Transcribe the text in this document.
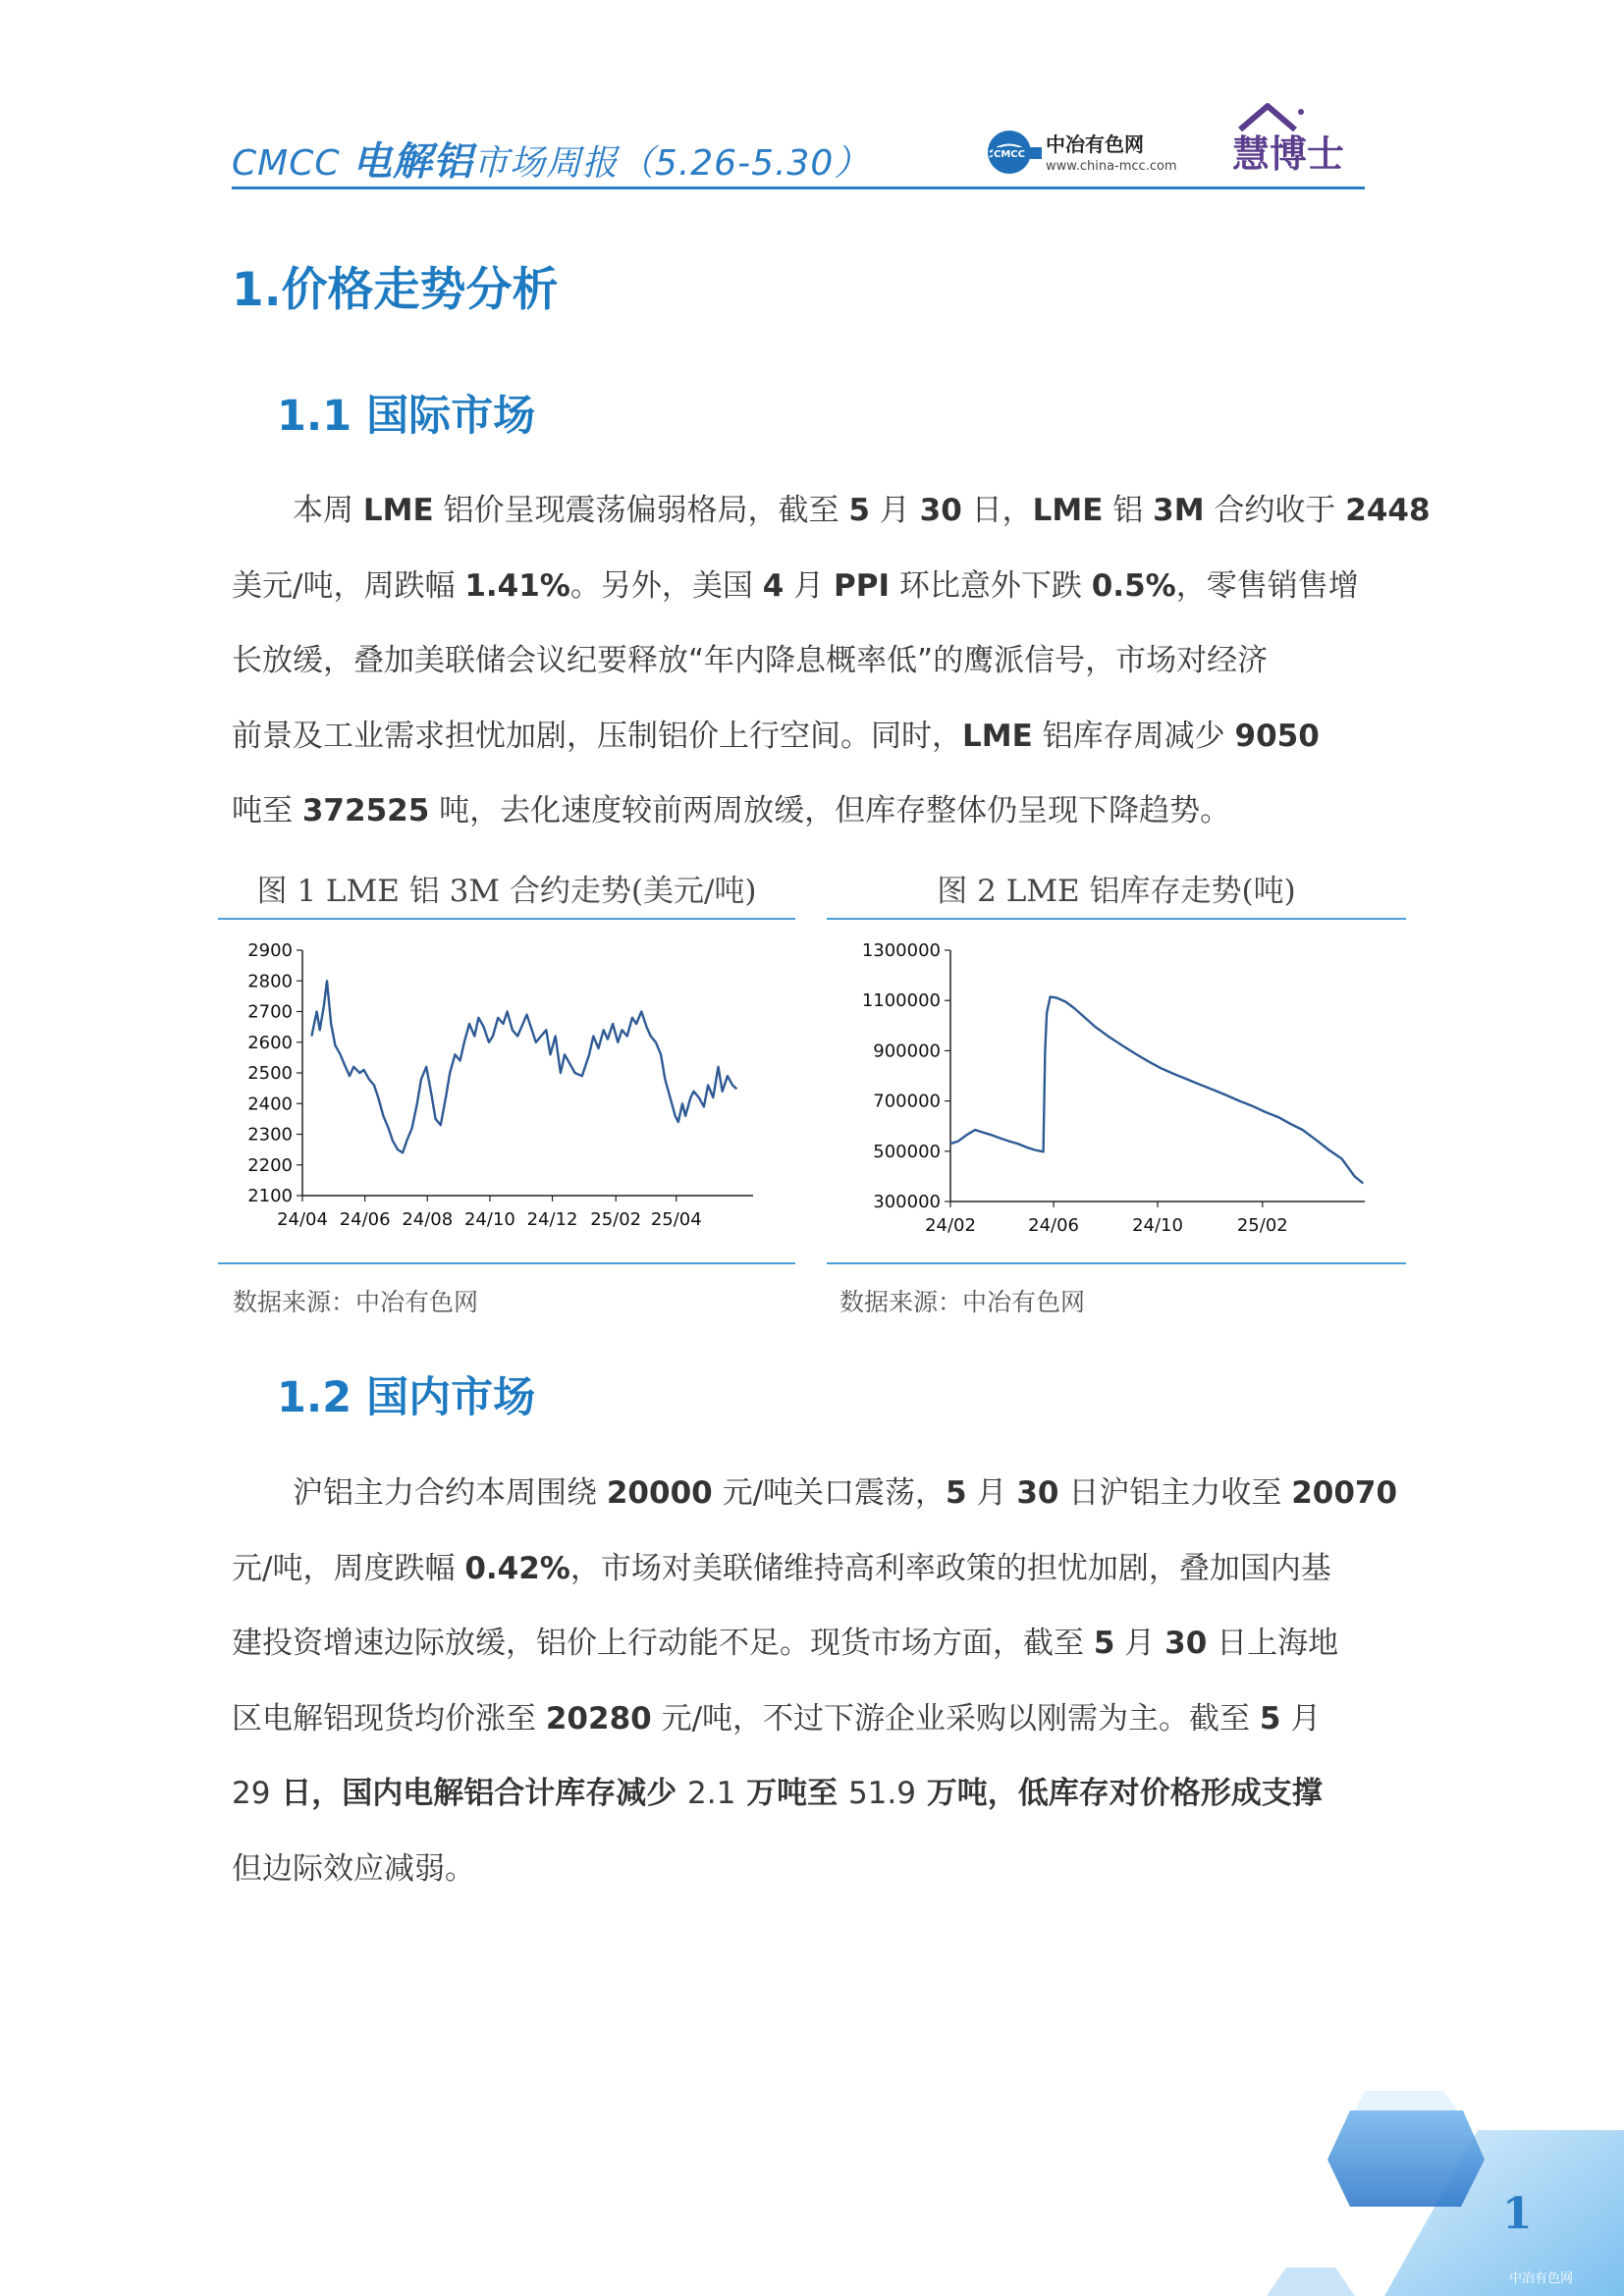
CMCC 电解铝市场周报（5.26-5.30）	CMCC 中冶有色网
www.china-mcc.com 慧博士
1.价格走势分析
1.1 国际市场
本周 LME 铝价呈现震荡偏弱格局，截至 5 月 30 日，LME 铝 3M 合约收于 2448
美元/吨，周跌幅 1.41%。另外，美国 4 月 PPI 环比意外下跌 0.5%，零售销售增
长放缓，叠加美联储会议纪要释放“年内降息概率低”的鹰派信号，市场对经济
前景及工业需求担忧加剧，压制铝价上行空间。同时，LME 铝库存周减少 9050
吨至 372525 吨，去化速度较前两周放缓，但库存整体仍呈现下降趋势。
图 1 LME 铝 3M 合约走势(美元/吨)
2900
2800
2700
2600
2500
2400
2300
2200
2100
24/04 24/06 24/08 24/10 24/12 25/02 25/04
数据来源：中冶有色网
图 2 LME 铝库存走势(吨)
1300000
1100000
900000
700000
500000
300000
24/02	24/06	24/10	25/02
数据来源：中冶有色网
1.2 国内市场
沪铝主力合约本周围绕 20000 元/吨关口震荡，5 月 30 日沪铝主力收至 20070
元/吨，周度跌幅 0.42%，市场对美联储维持高利率政策的担忧加剧，叠加国内基
建投资增速边际放缓，铝价上行动能不足。现货市场方面，截至 5 月 30 日上海地
区电解铝现货均价涨至 20280 元/吨，不过下游企业采购以刚需为主。截至 5 月
29 日，国内电解铝合计库存减少 2.1 万吨至 51.9 万吨，低库存对价格形成支撑
但边际效应减弱。
1
中冶有色网
